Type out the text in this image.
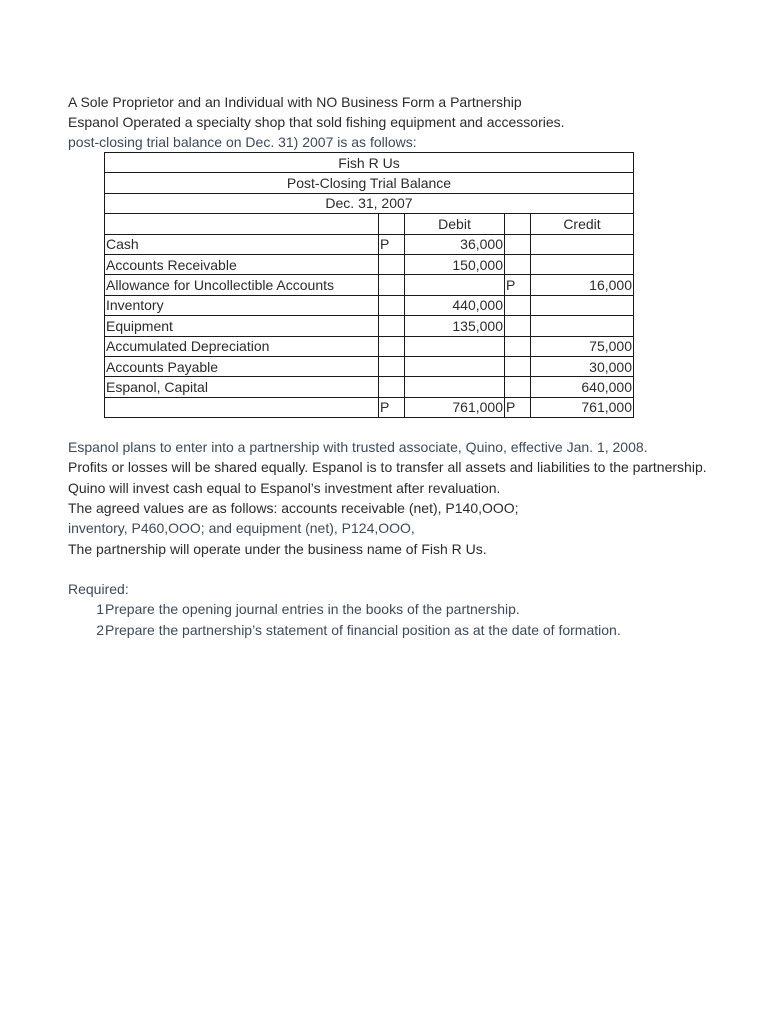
A Sole Proprietor and an Individual with NO Business Form a Partnership
Espanol Operated a specialty shop that sold fishing equipment and accessories.
post-closing trial balance on Dec. 31) 2007 is as follows:
Fish R Us				
Post-Closing Trial Balance				
Dec. 31, 2007				
		Debit		Credit
Cash	P	36,000		
Accounts Receivable		150,000		
Allowance for Uncollectible Accounts			P	16,000
Inventory		440,000		
Equipment		135,000		
Accumulated Depreciation				75,000
Accounts Payable				30,000
Espanol, Capital				640,000
	P	761,000	P	761,000
Espanol plans to enter into a partnership with trusted associate, Quino, effective Jan. 1, 2008.
Profits or losses will be shared equally. Espanol is to transfer all assets and liabilities to the partnership.
Quino will invest cash equal to Espanol’s investment after revaluation.
The agreed values are as follows: accounts receivable (net), P140,OOO;
inventory, P460,OOO; and equipment (net), P124,OOO,
The partnership will operate under the business name of Fish R Us.
Required:
1 Prepare the opening journal entries in the books of the partnership.
2 Prepare the partnership’s statement of financial position as at the date of formation.
